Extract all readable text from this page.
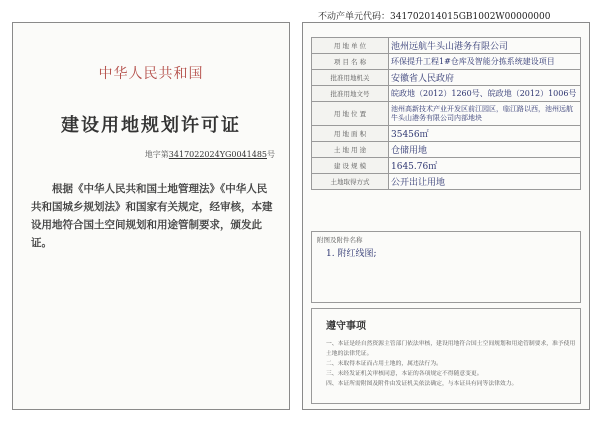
不动产单元代码：341702014015GB1002W00000000
中华人民共和国
建设用地规划许可证
地字第3417022024YG0041485号
根据《中华人民共和国土地管理法》《中华人民共和国城乡规划法》和国家有关规定，经审核，本建设用地符合国土空间规划和用途管制要求，颁发此证。
用 地 单 位	池州远航牛头山港务有限公司
项 目 名 称	环保提升工程1#仓库及智能分拣系统建设项目
批准用地机关	安徽省人民政府
批准用地文号	皖政地（2012）1260号、皖政地（2012）1006号
用 地 位 置	池州高新技术产业开发区前江园区，临江路以西，池州远航牛头山港务有限公司内部地块
用 地 面 积	35456㎡
土 地 用 途	仓储用地
建 设 规 模	1645.76㎡
土地取得方式	公开出让用地
附图及附件名称
1. 附红线图;
遵守事项
一、本证是经自然资源主管部门依法审核，建设用地符合国土空间规划和用途管制要求，准予使用土地的法律凭证。
二、未取得本证而占用土地的，属违法行为。
三、未经发证机关审核同意，本证的各项规定不得随意变更。
四、本证所需附图及附件由发证机关依法确定，与本证具有同等法律效力。
